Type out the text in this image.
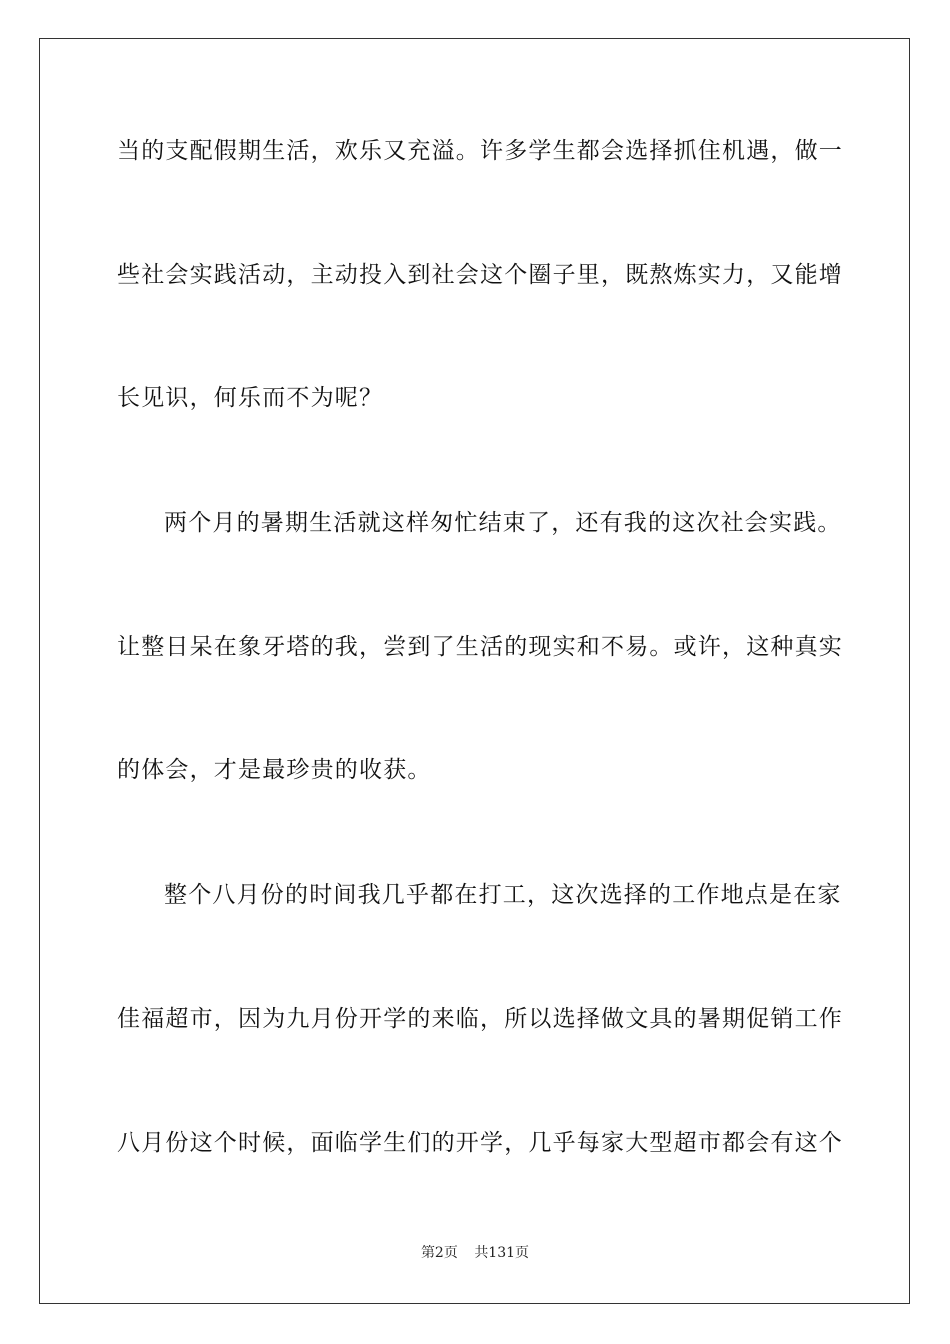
当的支配假期生活，欢乐又充溢。许多学生都会选择抓住机遇，做一
些社会实践活动，主动投入到社会这个圈子里，既熬炼实力，又能增
长见识，何乐而不为呢？
两个月的暑期生活就这样匆忙结束了，还有我的这次社会实践。
让整日呆在象牙塔的我，尝到了生活的现实和不易。或许，这种真实
的体会，才是最珍贵的收获。
整个八月份的时间我几乎都在打工，这次选择的工作地点是在家
佳福超市，因为九月份开学的来临，所以选择做文具的暑期促销工作
八月份这个时候，面临学生们的开学，几乎每家大型超市都会有这个
第2页 共131页
